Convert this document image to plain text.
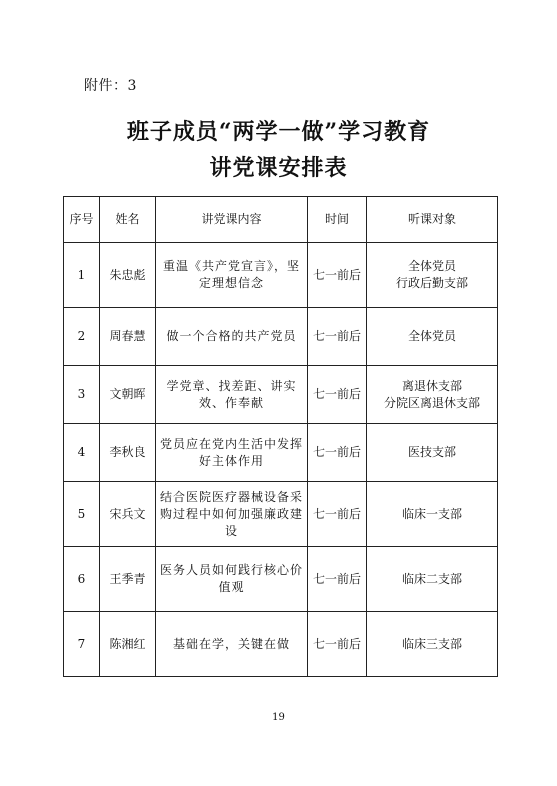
附件：3
班子成员“两学一做”学习教育
讲党课安排表
序号	姓名	讲党课内容	时间	听课对象
1	朱忠彪	重温《共产党宣言》，坚定理想信念	七一前后	全体党员
行政后勤支部

2	周春慧	做一个合格的共产党员	七一前后	全体党员

3	文朝晖	学党章、找差距、讲实效、作奉献	七一前后	离退休支部
分院区离退休支部

4	李秋良	党员应在党内生活中发挥好主体作用	七一前后	医技支部

5	宋兵文	结合医院医疗器械设备采购过程中如何加强廉政建设	七一前后	临床一支部

6	王季青	医务人员如何践行核心价值观	七一前后	临床二支部

7	陈湘红	基础在学，关键在做	七一前后	临床三支部
19
